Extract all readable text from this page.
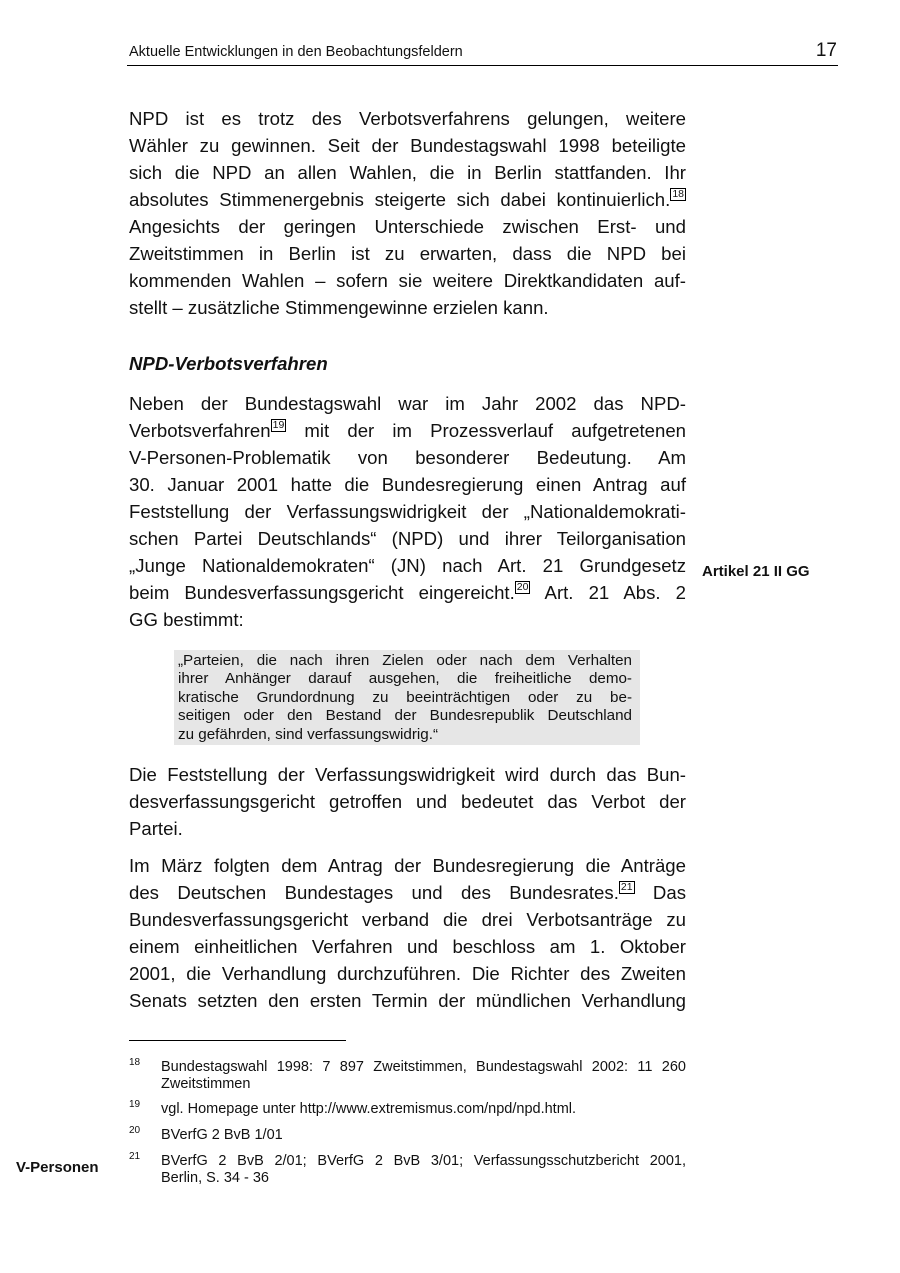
Aktuelle Entwicklungen in den Beobachtungsfeldern	17
NPD ist es trotz des Verbotsverfahrens gelungen, weitere
Wähler zu gewinnen. Seit der Bundestagswahl 1998 beteiligte
sich die NPD an allen Wahlen, die in Berlin stattfanden. Ihr
absolutes Stimmenergebnis steigerte sich dabei kontinuierlich. 18
Angesichts der geringen Unterschiede zwischen Erst- und
Zweitstimmen in Berlin ist zu erwarten, dass die NPD bei
kommenden Wahlen – sofern sie weitere Direktkandidaten auf-
stellt – zusätzliche Stimmengewinne erzielen kann.
NPD-Verbotsverfahren
Neben der Bundestagswahl war im Jahr 2002 das NPD-
Verbotsverfahren 19 mit der im Prozessverlauf aufgetretenen
V-Personen-Problematik von besonderer Bedeutung. Am
30. Januar 2001 hatte die Bundesregierung einen Antrag auf
Feststellung der Verfassungswidrigkeit der „Nationaldemokrati-
schen Partei Deutschlands“ (NPD) und ihrer Teilorganisation
„Junge Nationaldemokraten“ (JN) nach Art. 21 Grundgesetz
beim Bundesverfassungsgericht eingereicht. 20 Art. 21 Abs. 2
GG bestimmt:
Artikel 21 II GG
„Parteien, die nach ihren Zielen oder nach dem Verhalten
ihrer Anhänger darauf ausgehen, die freiheitliche demo-
kratische Grundordnung zu beeinträchtigen oder zu be-
seitigen oder den Bestand der Bundesrepublik Deutschland
zu gefährden, sind verfassungswidrig.“
Die Feststellung der Verfassungswidrigkeit wird durch das Bun-
desverfassungsgericht getroffen und bedeutet das Verbot der
Partei.
Im März folgten dem Antrag der Bundesregierung die Anträge
des Deutschen Bundestages und des Bundesrates. 21 Das
Bundesverfassungsgericht verband die drei Verbotsanträge zu
einem einheitlichen Verfahren und beschloss am 1. Oktober
2001, die Verhandlung durchzuführen. Die Richter des Zweiten
Senats setzten den ersten Termin der mündlichen Verhandlung
18 Bundestagswahl 1998: 7 897 Zweitstimmen, Bundestagswahl 2002: 11 260
Zweitstimmen
19 vgl. Homepage unter http://www.extremismus.com/npd/npd.html.
20 BVerfG 2 BvB 1/01
21 BVerfG 2 BvB 2/01; BVerfG 2 BvB 3/01; Verfassungsschutzbericht 2001,
Berlin, S. 34 - 36
V-Personen
